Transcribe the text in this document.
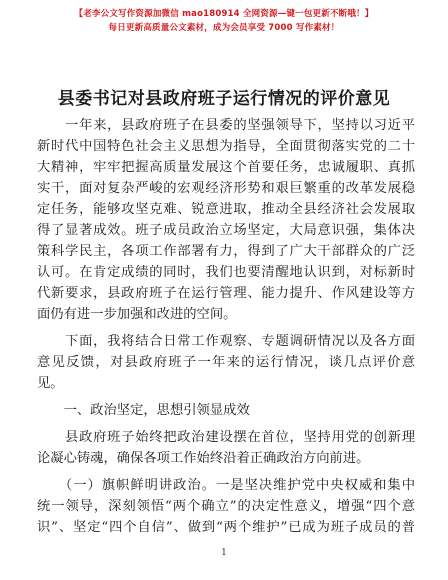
【老李公文写作资源加微信 mao180914 全网资源—键一包更新不断哦！】
每日更新高质量公文素材，成为会员享受 7000 写作素材！
县委书记对县政府班子运行情况的评价意见
　　一年来，县政府班子在县委的坚强领导下，坚持以习近平
新时代中国特色社会主义思想为指导，全面贯彻落实党的二十
大精神，牢牢把握高质量发展这个首要任务，忠诚履职、真抓
实干，面对复杂严峻的宏观经济形势和艰巨繁重的改革发展稳
定任务，能够攻坚克难、锐意进取，推动全县经济社会发展取
得了显著成效。班子成员政治立场坚定，大局意识强，集体决
策科学民主，各项工作部署有力，得到了广大干部群众的广泛
认可。在肯定成绩的同时，我们也要清醒地认识到，对标新时
代新要求，县政府班子在运行管理、能力提升、作风建设等方
面仍有进一步加强和改进的空间。
　　下面，我将结合日常工作观察、专题调研情况以及各方面
意见反馈，对县政府班子一年来的运行情况，谈几点评价意
见。
　　一、政治坚定，思想引领显成效
　　县政府班子始终把政治建设摆在首位，坚持用党的创新理
论凝心铸魂，确保各项工作始终沿着正确政治方向前进。
　　（一）旗帜鲜明讲政治。一是坚决维护党中央权威和集中
统一领导，深刻领悟“两个确立”的决定性意义，增强“四个意
识”、坚定“四个自信”、做到“两个维护”已成为班子成员的普
1
